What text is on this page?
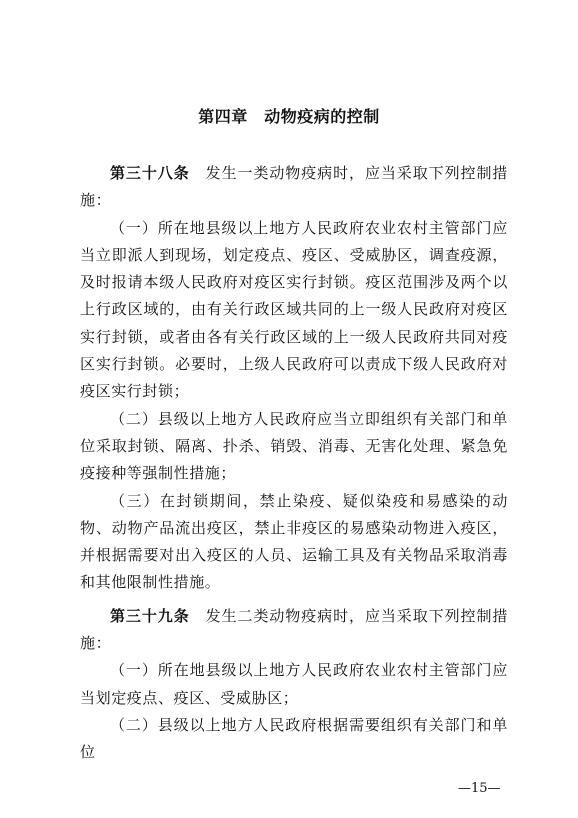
第四章　动物疫病的控制

第三十八条 发生一类动物疫病时，应当采取下列控制措施：

（一）所在地县级以上地方人民政府农业农村主管部门应当立即派人到现场，划定疫点、疫区、受威胁区，调查疫源，及时报请本级人民政府对疫区实行封锁。疫区范围涉及两个以上行政区域的，由有关行政区域共同的上一级人民政府对疫区实行封锁，或者由各有关行政区域的上一级人民政府共同对疫区实行封锁。必要时，上级人民政府可以责成下级人民政府对疫区实行封锁；

（二）县级以上地方人民政府应当立即组织有关部门和单位采取封锁、隔离、扑杀、销毁、消毒、无害化处理、紧急免疫接种等强制性措施；

（三）在封锁期间，禁止染疫、疑似染疫和易感染的动物、动物产品流出疫区，禁止非疫区的易感染动物进入疫区，并根据需要对出入疫区的人员、运输工具及有关物品采取消毒和其他限制性措施。

第三十九条 发生二类动物疫病时，应当采取下列控制措施：

（一）所在地县级以上地方人民政府农业农村主管部门应当划定疫点、疫区、受威胁区；

（二）县级以上地方人民政府根据需要组织有关部门和单位

—15—
